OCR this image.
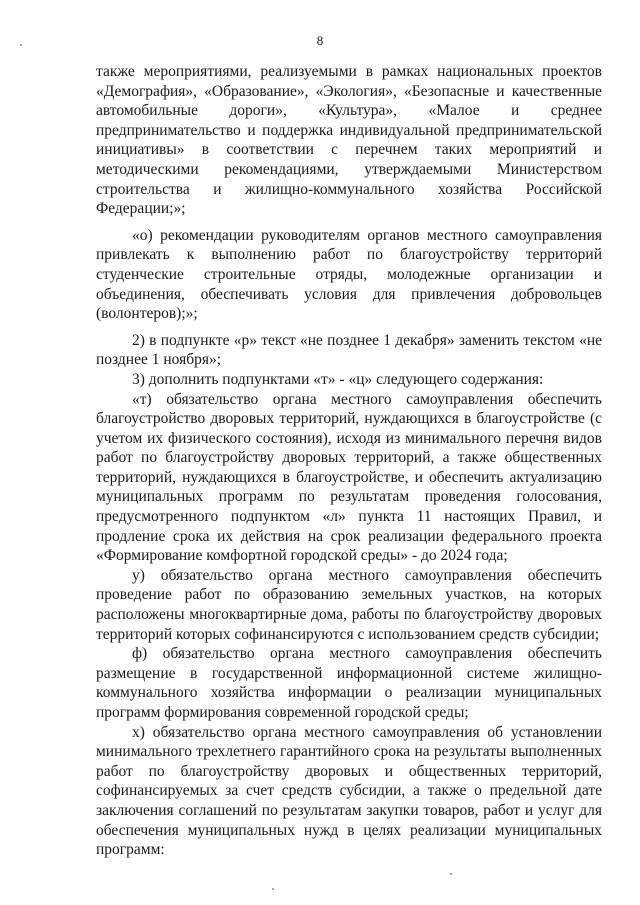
8

также мероприятиями, реализуемыми в рамках национальных проектов «Демография», «Образование», «Экология», «Безопасные и качественные автомобильные дороги», «Культура», «Малое и среднее предпринимательство и поддержка индивидуальной предпринимательской инициативы» в соответствии с перечнем таких мероприятий и методическими рекомендациями, утверждаемыми Министерством строительства и жилищно-коммунального хозяйства Российской Федерации;»;

«о) рекомендации руководителям органов местного самоуправления привлекать к выполнению работ по благоустройству территорий студенческие строительные отряды, молодежные организации и объединения, обеспечивать условия для привлечения добровольцев (волонтеров);»;

2) в подпункте «р» текст «не позднее 1 декабря» заменить текстом «не позднее 1 ноября»;

3) дополнить подпунктами «т» - «ц» следующего содержания:

«т) обязательство органа местного самоуправления обеспечить благоустройство дворовых территорий, нуждающихся в благоустройстве (с учетом их физического состояния), исходя из минимального перечня видов работ по благоустройству дворовых территорий, а также общественных территорий, нуждающихся в благоустройстве, и обеспечить актуализацию муниципальных программ по результатам проведения голосования, предусмотренного подпунктом «л» пункта 11 настоящих Правил, и продление срока их действия на срок реализации федерального проекта «Формирование комфортной городской среды» - до 2024 года;

у) обязательство органа местного самоуправления обеспечить проведение работ по образованию земельных участков, на которых расположены многоквартирные дома, работы по благоустройству дворовых территорий которых софинансируются с использованием средств субсидии;

ф) обязательство органа местного самоуправления обеспечить размещение в государственной информационной системе жилищно-коммунального хозяйства информации о реализации муниципальных программ формирования современной городской среды;

х) обязательство органа местного самоуправления об установлении минимального трехлетнего гарантийного срока на результаты выполненных работ по благоустройству дворовых и общественных территорий, софинансируемых за счет средств субсидии, а также о предельной дате заключения соглашений по результатам закупки товаров, работ и услуг для обеспечения муниципальных нужд в целях реализации муниципальных программ:
